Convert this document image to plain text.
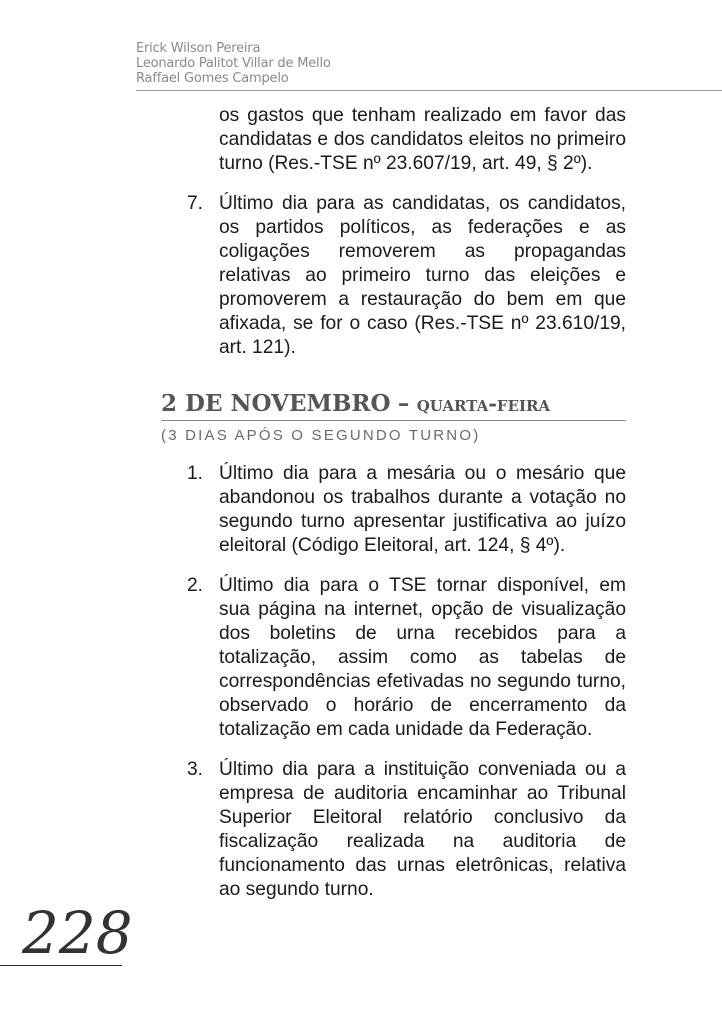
Erick Wilson Pereira
Leonardo Palitot Villar de Mello
Raffael Gomes Campelo

os gastos que tenham realizado em favor das candidatas e dos candidatos eleitos no primeiro turno (Res.-TSE nº 23.607/19, art. 49, § 2º).

7. Último dia para as candidatas, os candidatos, os partidos políticos, as federações e as coligações removerem as propagandas relativas ao primeiro turno das eleições e promoverem a restauração do bem em que afixada, se for o caso (Res.-TSE nº 23.610/19, art. 121).

2 DE NOVEMBRO – quarta-feira
(3 DIAS APÓS O SEGUNDO TURNO)
1. Último dia para a mesária ou o mesário que abandonou os trabalhos durante a votação no segundo turno apresentar justificativa ao juízo eleitoral (Código Eleitoral, art. 124, § 4º).

2. Último dia para o TSE tornar disponível, em sua página na internet, opção de visualização dos boletins de urna recebidos para a totalização, assim como as tabelas de correspondências efetivadas no segundo turno, observado o horário de encerramento da totalização em cada unidade da Federação.

3. Último dia para a instituição conveniada ou a empresa de auditoria encaminhar ao Tribunal Superior Eleitoral relatório conclusivo da fiscalização realizada na auditoria de funcionamento das urnas eletrônicas, relativa ao segundo turno.

228
